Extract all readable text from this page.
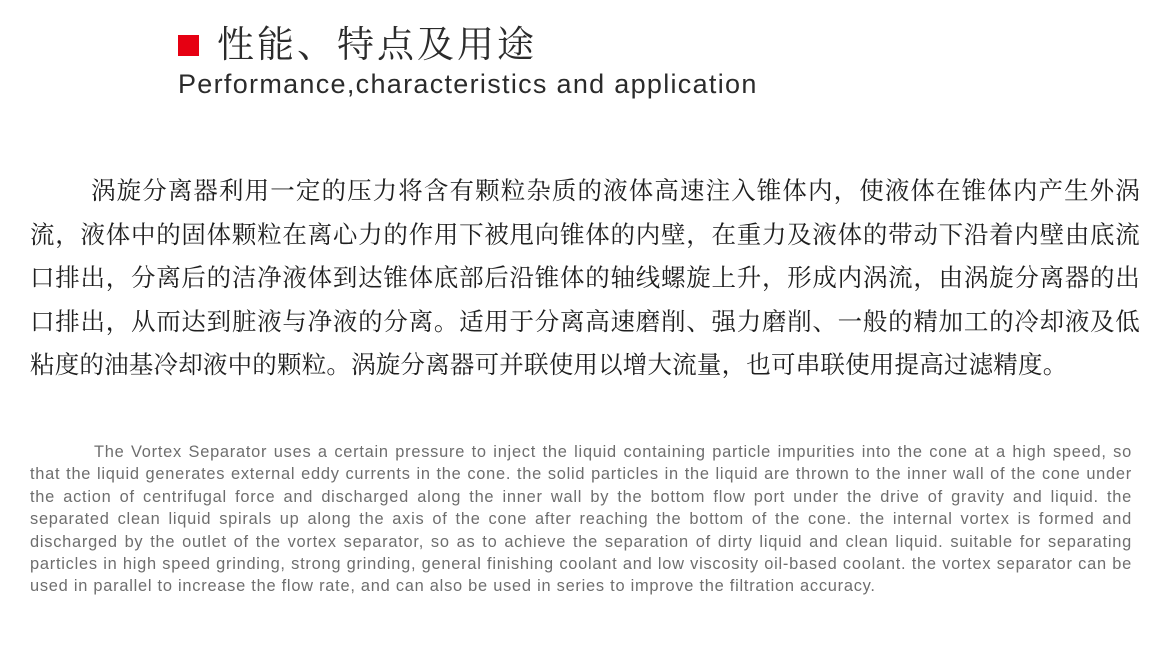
性能、特点及用途
Performance,characteristics and application

涡旋分离器利用一定的压力将含有颗粒杂质的液体高速注入锥体内，使液体在锥体内产生外涡流，液体中的固体颗粒在离心力的作用下被甩向锥体的内壁，在重力及液体的带动下沿着内壁由底流口排出，分离后的洁净液体到达锥体底部后沿锥体的轴线螺旋上升，形成内涡流，由涡旋分离器的出口排出，从而达到脏液与净液的分离。适用于分离高速磨削、强力磨削、一般的精加工的冷却液及低粘度的油基冷却液中的颗粒。涡旋分离器可并联使用以增大流量，也可串联使用提高过滤精度。

The Vortex Separator uses a certain pressure to inject the liquid containing particle impurities into the cone at a high speed, so that the liquid generates external eddy currents in the cone. the solid particles in the liquid are thrown to the inner wall of the cone under the action of centrifugal force and discharged along the inner wall by the bottom flow port under the drive of gravity and liquid. the separated clean liquid spirals up along the axis of the cone after reaching the bottom of the cone. the internal vortex is formed and discharged by the outlet of the vortex separator, so as to achieve the separation of dirty liquid and clean liquid. suitable for separating particles in high speed grinding, strong grinding, general finishing coolant and low viscosity oil-based coolant. the vortex separator can be used in parallel to increase the flow rate, and can also be used in series to improve the filtration accuracy.
